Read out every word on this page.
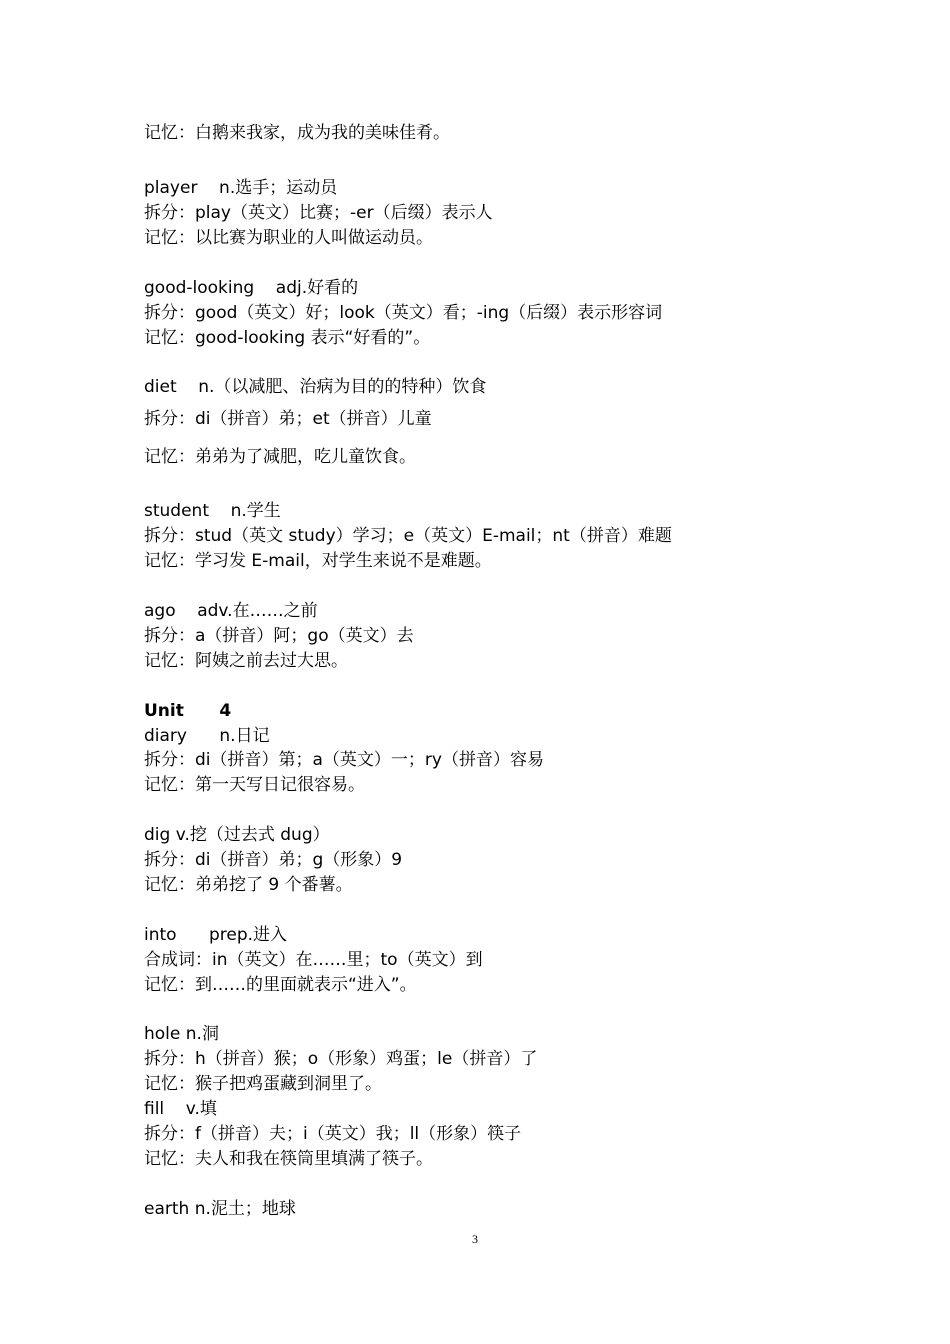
记忆：白鹅来我家，成为我的美味佳肴。
player    n.选手；运动员
拆分：play（英文）比赛；-er（后缀）表示人
记忆：以比赛为职业的人叫做运动员。
good-looking    adj.好看的
拆分：good（英文）好；look（英文）看；-ing（后缀）表示形容词
记忆：good-looking 表示“好看的”。
diet    n.（以减肥、治病为目的的特种）饮食
拆分：di（拼音）弟；et（拼音）儿童
记忆：弟弟为了减肥，吃儿童饮食。
student    n.学生
拆分：stud（英文 study）学习；e（英文）E-mail；nt（拼音）难题
记忆：学习发 E-mail，对学生来说不是难题。
ago    adv.在……之前
拆分：a（拼音）阿；go（英文）去
记忆：阿姨之前去过大思。
Unit      4
diary      n.日记
拆分：di（拼音）第；a（英文）一；ry（拼音）容易
记忆：第一天写日记很容易。
dig v.挖（过去式 dug）
拆分：di（拼音）弟；g（形象）9
记忆：弟弟挖了 9 个番薯。
into      prep.进入
合成词：in（英文）在……里；to（英文）到
记忆：到……的里面就表示“进入”。
hole n.洞
拆分：h（拼音）猴；o（形象）鸡蛋；le（拼音）了
记忆：猴子把鸡蛋藏到洞里了。
fill    v.填
拆分：f（拼音）夫；i（英文）我；ll（形象）筷子
记忆：夫人和我在筷筒里填满了筷子。
earth n.泥土；地球
3
